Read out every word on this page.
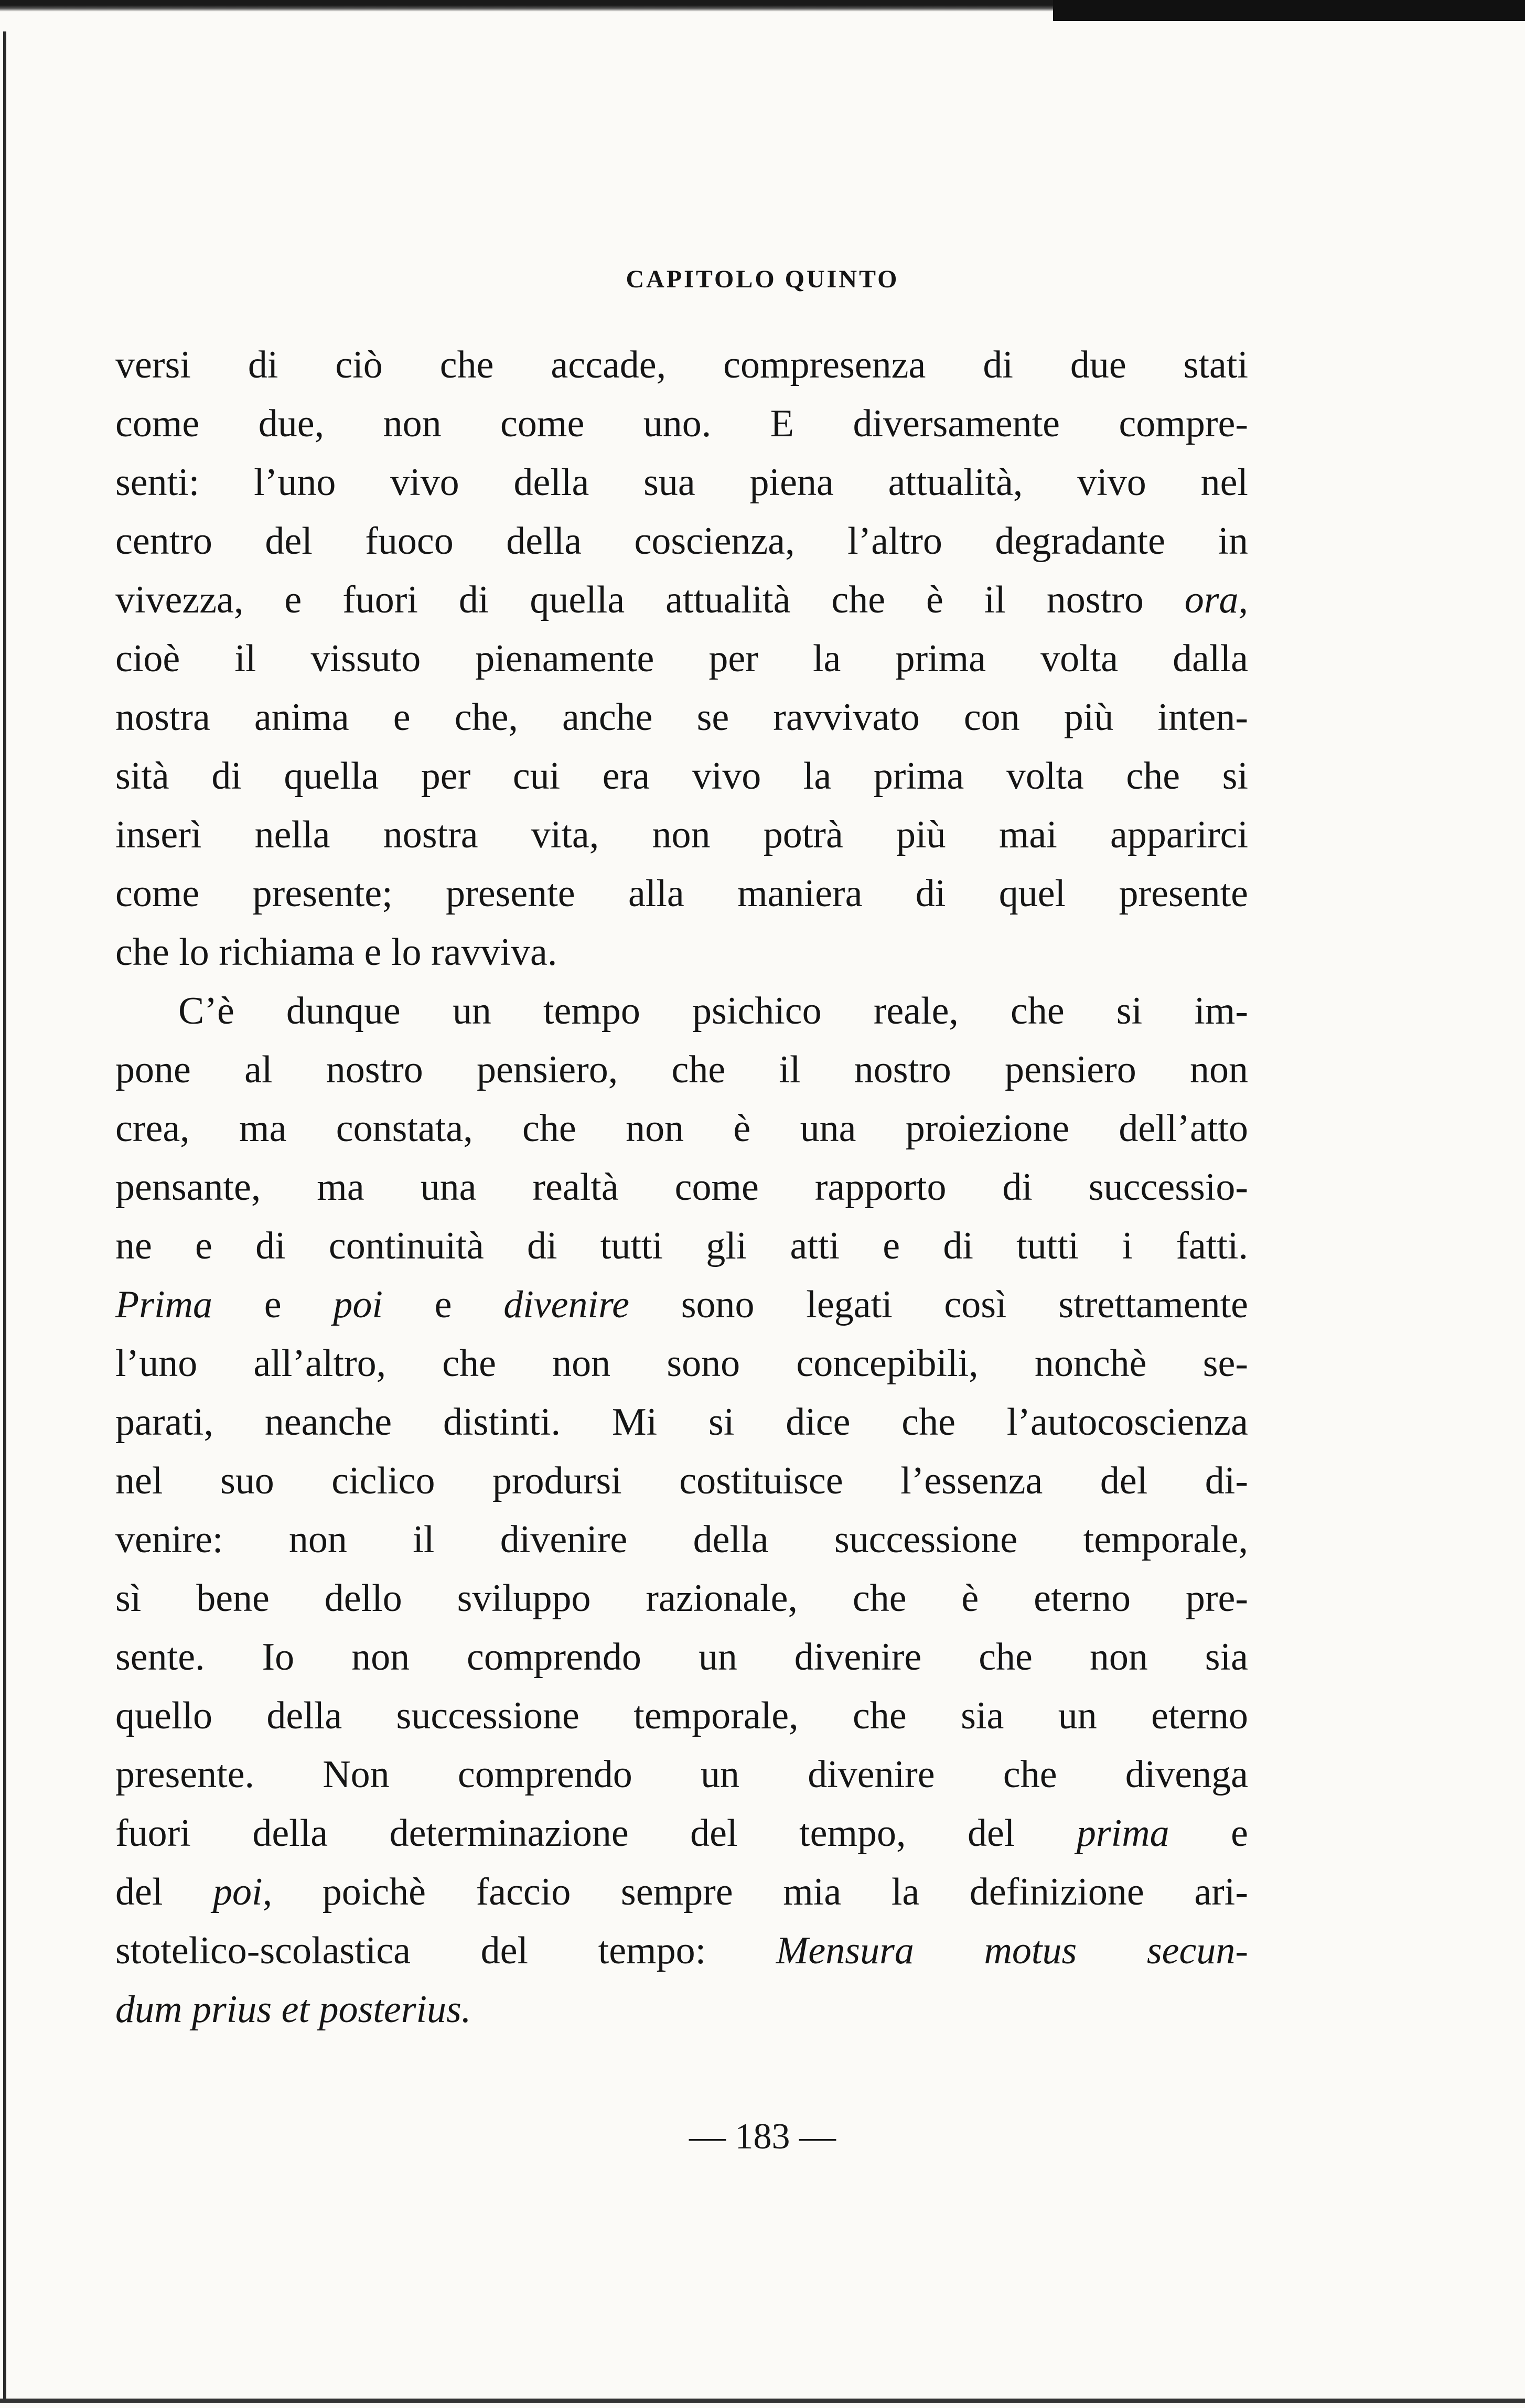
CAPITOLO QUINTO
versi di ciò che accade, compresenza di due stati
come due, non come uno. E diversamente compre-
senti: l’uno vivo della sua piena attualità, vivo nel
centro del fuoco della coscienza, l’altro degradante in
vivezza, e fuori di quella attualità che è il nostro ora,
cioè il vissuto pienamente per la prima volta dalla
nostra anima e che, anche se ravvivato con più inten-
sità di quella per cui era vivo la prima volta che si
inserì nella nostra vita, non potrà più mai apparirci
come presente; presente alla maniera di quel presente
che lo richiama e lo ravviva.
C’è dunque un tempo psichico reale, che si im-
pone al nostro pensiero, che il nostro pensiero non
crea, ma constata, che non è una proiezione dell’atto
pensante, ma una realtà come rapporto di successio-
ne e di continuità di tutti gli atti e di tutti i fatti.
Prima e poi e divenire sono legati così strettamente
l’uno all’altro, che non sono concepibili, nonchè se-
parati, neanche distinti. Mi si dice che l’autocoscienza
nel suo ciclico prodursi costituisce l’essenza del di-
venire: non il divenire della successione temporale,
sì bene dello sviluppo razionale, che è eterno pre-
sente. Io non comprendo un divenire che non sia
quello della successione temporale, che sia un eterno
presente. Non comprendo un divenire che divenga
fuori della determinazione del tempo, del prima e
del poi, poichè faccio sempre mia la definizione ari-
stotelico-scolastica del tempo: Mensura motus secun-
dum prius et posterius.
— 183 —
